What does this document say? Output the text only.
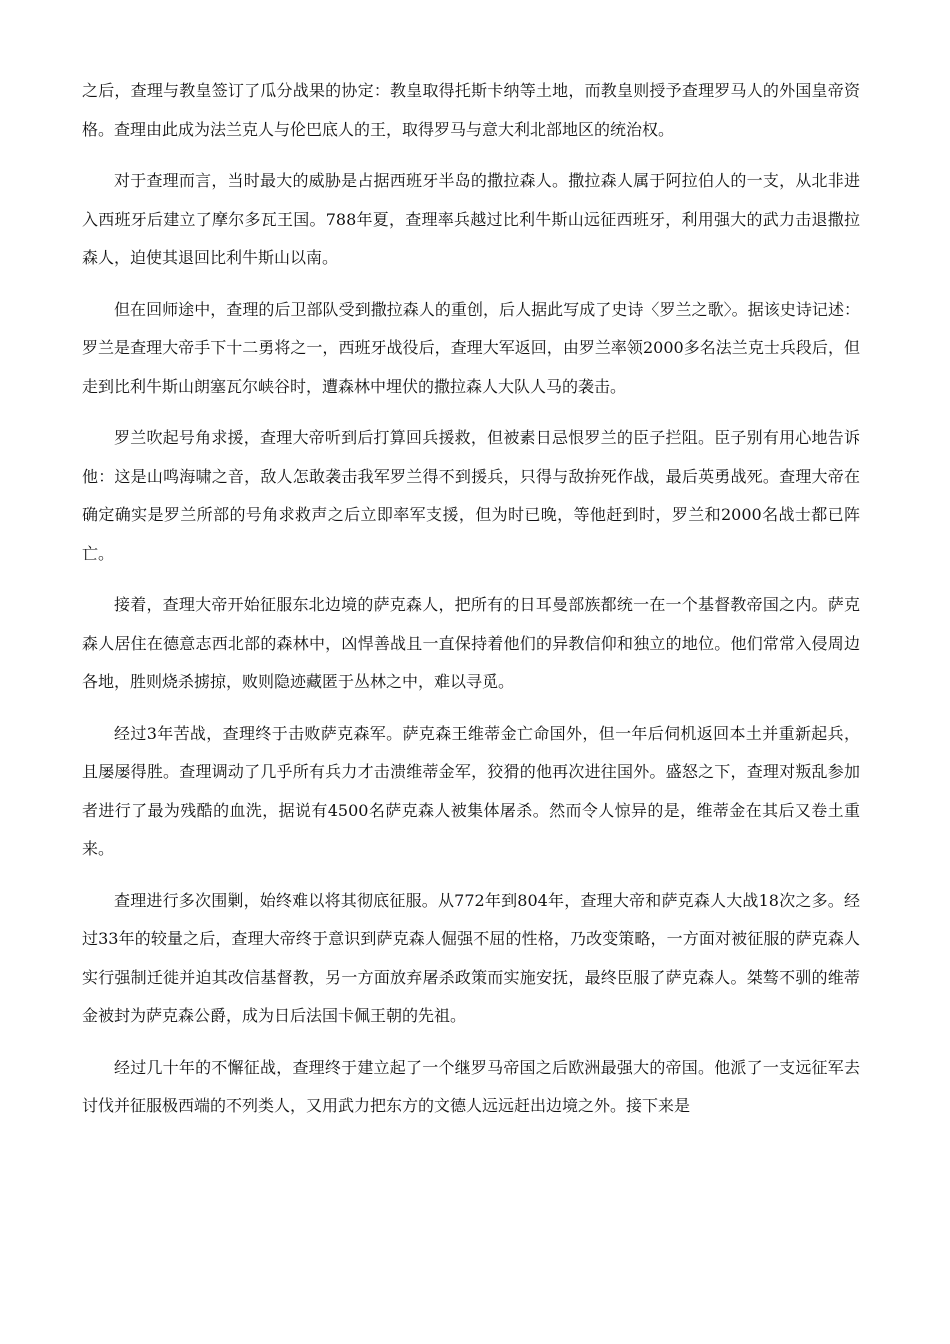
之后，查理与教皇签订了瓜分战果的协定：教皇取得托斯卡纳等土地，而教皇则授予查理罗马人的外国皇帝资格。查理由此成为法兰克人与伦巴底人的王，取得罗马与意大利北部地区的统治权。

对于查理而言，当时最大的威胁是占据西班牙半岛的撒拉森人。撒拉森人属于阿拉伯人的一支，从北非进入西班牙后建立了摩尔多瓦王国。788年夏，查理率兵越过比利牛斯山远征西班牙，利用强大的武力击退撒拉森人，迫使其退回比利牛斯山以南。

但在回师途中，查理的后卫部队受到撒拉森人的重创，后人据此写成了史诗〈罗兰之歌〉。据该史诗记述：罗兰是查理大帝手下十二勇将之一，西班牙战役后，查理大军返回，由罗兰率领2000多名法兰克士兵段后，但走到比利牛斯山朗塞瓦尔峡谷时，遭森林中埋伏的撒拉森人大队人马的袭击。

罗兰吹起号角求援，查理大帝听到后打算回兵援救，但被素日忌恨罗兰的臣子拦阻。臣子别有用心地告诉他：这是山鸣海啸之音，敌人怎敢袭击我军罗兰得不到援兵，只得与敌拚死作战，最后英勇战死。查理大帝在确定确实是罗兰所部的号角求救声之后立即率军支援，但为时已晚，等他赶到时，罗兰和2000名战士都已阵亡。

接着，查理大帝开始征服东北边境的萨克森人，把所有的日耳曼部族都统一在一个基督教帝国之内。萨克森人居住在德意志西北部的森林中，凶悍善战且一直保持着他们的异教信仰和独立的地位。他们常常入侵周边各地，胜则烧杀掳掠，败则隐迹藏匿于丛林之中，难以寻觅。

经过3年苦战，查理终于击败萨克森军。萨克森王维蒂金亡命国外，但一年后伺机返回本土并重新起兵，且屡屡得胜。查理调动了几乎所有兵力才击溃维蒂金军，狡猾的他再次进往国外。盛怒之下，查理对叛乱参加者进行了最为残酷的血洗，据说有4500名萨克森人被集体屠杀。然而令人惊异的是，维蒂金在其后又卷土重来。

查理进行多次围剿，始终难以将其彻底征服。从772年到804年，查理大帝和萨克森人大战18次之多。经过33年的较量之后，查理大帝终于意识到萨克森人倔强不屈的性格，乃改变策略，一方面对被征服的萨克森人实行强制迁徙并迫其改信基督教，另一方面放弃屠杀政策而实施安抚，最终臣服了萨克森人。桀骜不驯的维蒂金被封为萨克森公爵，成为日后法国卡佩王朝的先祖。

经过几十年的不懈征战，查理终于建立起了一个继罗马帝国之后欧洲最强大的帝国。他派了一支远征军去讨伐并征服极西端的不列类人，又用武力把东方的文德人远远赶出边境之外。接下来是
